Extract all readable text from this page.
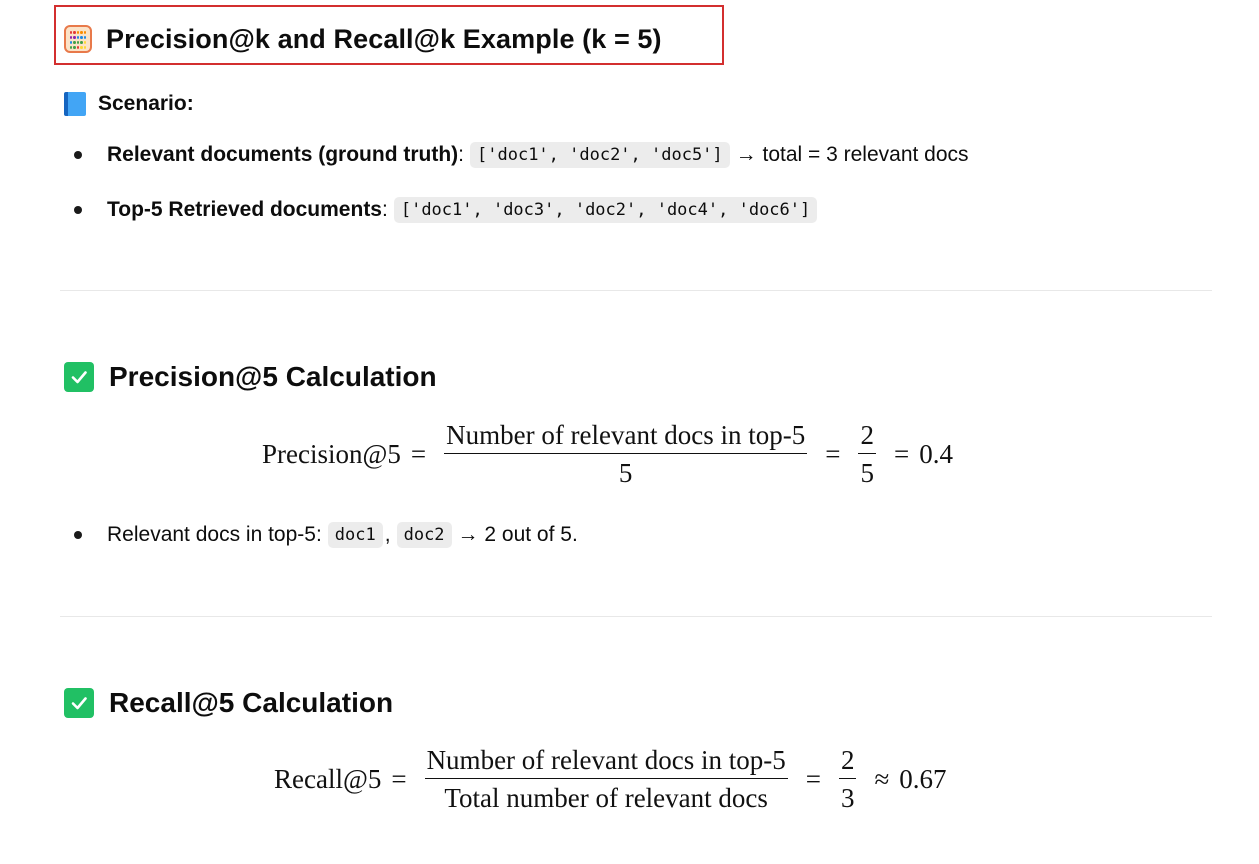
Precision@k and Recall@k Example (k = 5)
Scenario:
Relevant documents (ground truth) : ['doc1', 'doc2', 'doc5'] → total = 3 relevant docs
Top-5 Retrieved documents : ['doc1', 'doc3', 'doc2', 'doc4', 'doc6']
Precision@5 Calculation
Precision@5 = $\frac{\text{Number of relevant docs in top-5}}{5} = \frac{2}{5} = 0.4$
Relevant docs in top-5: doc1 , doc2 → 2 out of 5.
Recall@5 Calculation
Recall@5 = $\frac{\text{Number of relevant docs in top-5}}{\text{Total number of relevant docs}} = \frac{2}{3} \approx 0.67$
